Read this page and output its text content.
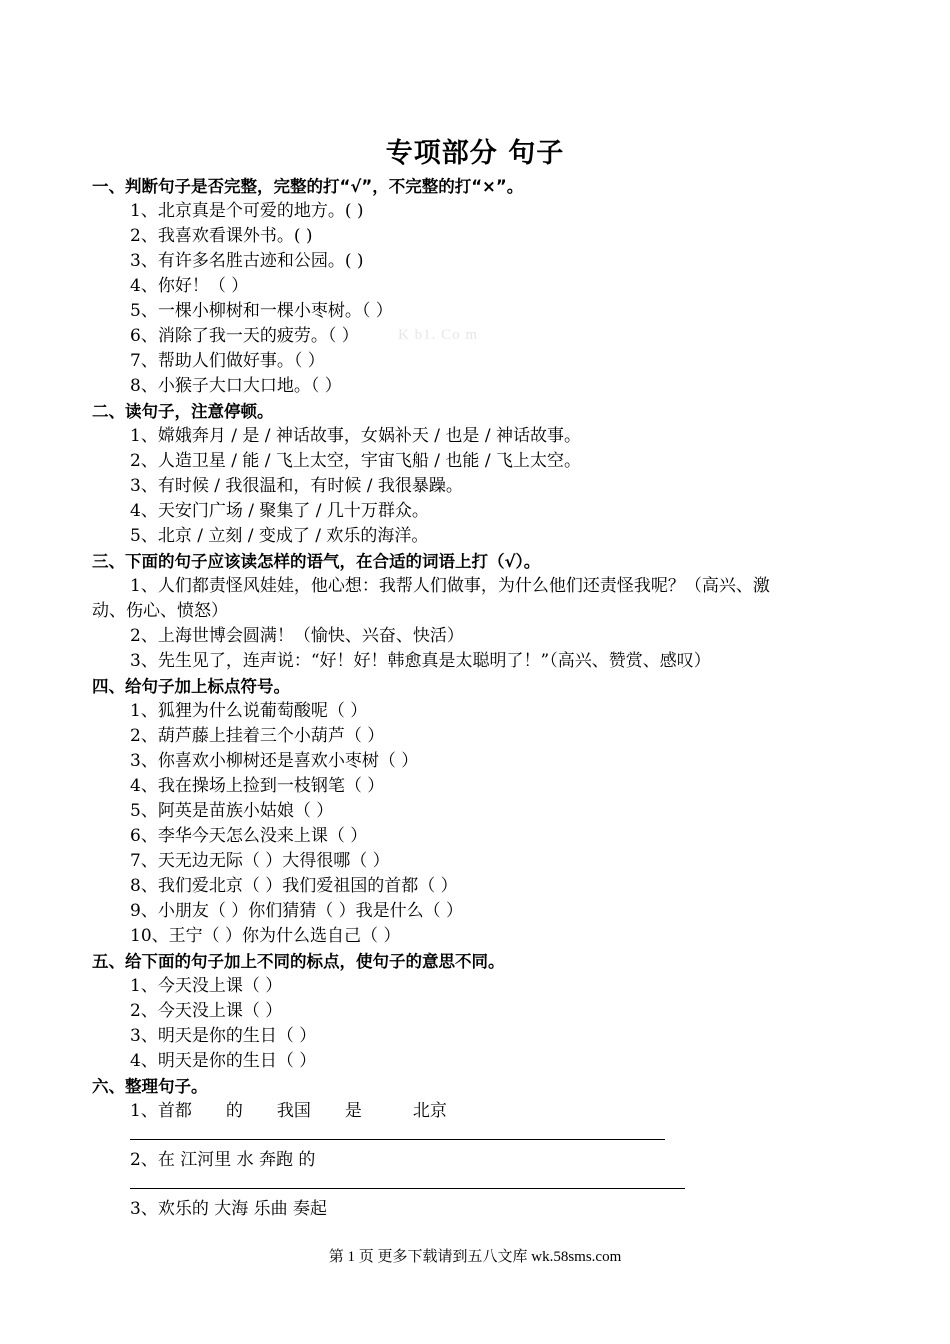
专项部分 句子
一、判断句子是否完整，完整的打“√”，不完整的打“×”。
1、北京真是个可爱的地方。( )
2、我喜欢看课外书。( )
3、有许多名胜古迹和公园。( )
4、你好！（ ）
5、一棵小柳树和一棵小枣树。（ ）
6、消除了我一天的疲劳。（ ）	K b1. Co m
7、帮助人们做好事。（ ）
8、小猴子大口大口地。（ ）
二、读句子，注意停顿。
1、嫦娥奔月 / 是 / 神话故事，女娲补天 / 也是 / 神话故事。
2、人造卫星 / 能 / 飞上太空，宇宙飞船 / 也能 / 飞上太空。
3、有时候 / 我很温和，有时候 / 我很暴躁。
4、天安门广场 / 聚集了 / 几十万群众。
5、北京 / 立刻 / 变成了 / 欢乐的海洋。
三、下面的句子应该读怎样的语气，在合适的词语上打（√）。
1、人们都责怪风娃娃，他心想：我帮人们做事，为什么他们还责怪我呢？（高兴、激
动、伤心、愤怒）
2、上海世博会圆满！（愉快、兴奋、快活）
3、先生见了，连声说：“好！好！韩愈真是太聪明了！”（高兴、赞赏、感叹）
四、给句子加上标点符号。
1、狐狸为什么说葡萄酸呢（ ）
2、葫芦藤上挂着三个小葫芦（ ）
3、你喜欢小柳树还是喜欢小枣树（ ）
4、我在操场上捡到一枝钢笔（ ）
5、阿英是苗族小姑娘（ ）
6、李华今天怎么没来上课（ ）
7、天无边无际（ ）大得很哪（ ）
8、我们爱北京（ ）我们爱祖国的首都（ ）
9、小朋友（ ）你们猜猜（ ）我是什么（ ）
10、王宁（ ）你为什么选自己（ ）
五、给下面的句子加上不同的标点，使句子的意思不同。
1、今天没上课（ ）
2、今天没上课（ ）
3、明天是你的生日（ ）
4、明天是你的生日（ ）
六、整理句子。
1、首都　　的　　我国　　是　　　北京
2、在 江河里 水 奔跑 的
3、欢乐的 大海 乐曲 奏起
第 1 页 更多下载请到五八文库 wk.58sms.com
